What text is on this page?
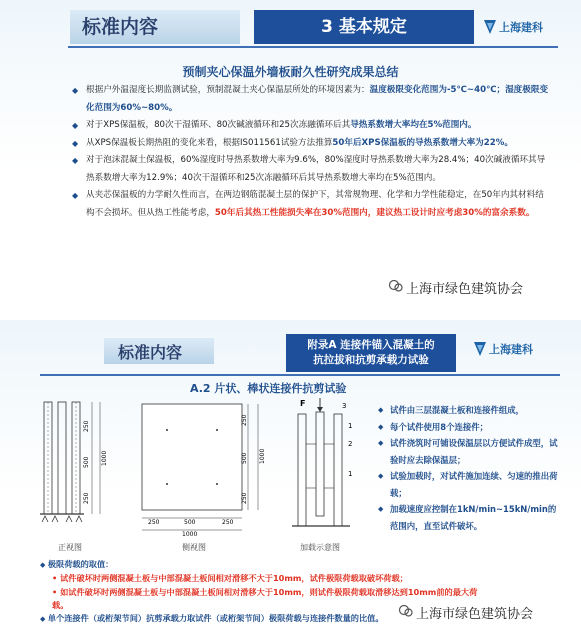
标准内容	3 基本规定	上海建科
预制夹心保温外墙板耐久性研究成果总结
◆ 根据户外温湿度长期监测试验，预制混凝土夹心保温层所处的环境因素为：温度极限变化范围为-5℃~40℃；湿度极限变化范围为60%~80%。
◆ 对于XPS保温板，80次干湿循环、80次碱液循环和25次冻融循环后其导热系数增大率均在5%范围内。
◆ 从XPS保温板长期热阻的变化来看，根据IS011561试验方法推算50年后XPS保温板的导热系数增大率为22%。
◆ 对于泡沫混凝土保温板，60%湿度时导热系数增大率为9.6%，80%湿度时导热系数增大率为28.4%；40次碱液循环其导热系数增大率为12.9%；40次干湿循环和25次冻融循环后其导热系数增大率均在5%范围内。
◆ 从夹芯保温板的力学耐久性而言，在两边钢筋混凝土层的保护下，其常规物理、化学和力学性能稳定，在50年内其材料结构不会损坏。但从热工性能考虑，50年后其热工性能损失率在30%范围内，建议热工设计时应考虑30%的富余系数。
上海市绿色建筑协会
标准内容	附录A 连接件锚入混凝土的
抗拉拔和抗剪承载力试验
上海建科
A.2 片状、棒状连接件抗剪试验
250
500 1000
250
正视图
250
500 1000
250
250	500	250
1000
侧视图
F	3
1
2
1
加载示意图
◆ 试件由三层混凝土板和连接件组成，
◆ 每个试件使用8个连接件；
◆ 试件浇筑时可铺设保温层以方便试件成型，试验时应去除保温层；
◆ 试验加载时，对试件施加连续、匀速的推出荷载；
◆ 加载速度应控制在1kN/min~15kN/min的范围内，直至试件破坏。
◆ 极限荷载的取值：
• 试件破坏时两侧混凝土板与中部混凝土板间相对滑移不大于10mm，试件极限荷载取破坏荷载；
• 如试件破坏时两侧混凝土板与中部混凝土板间相对滑移大于10mm，则试件极限荷载取滑移达到10mm前的最大荷载。
◆ 单个连接件（或桁架节间）抗剪承载力取试件（或桁架节间）极限荷载与连接件数量的比值。	上海市绿色建筑协会
